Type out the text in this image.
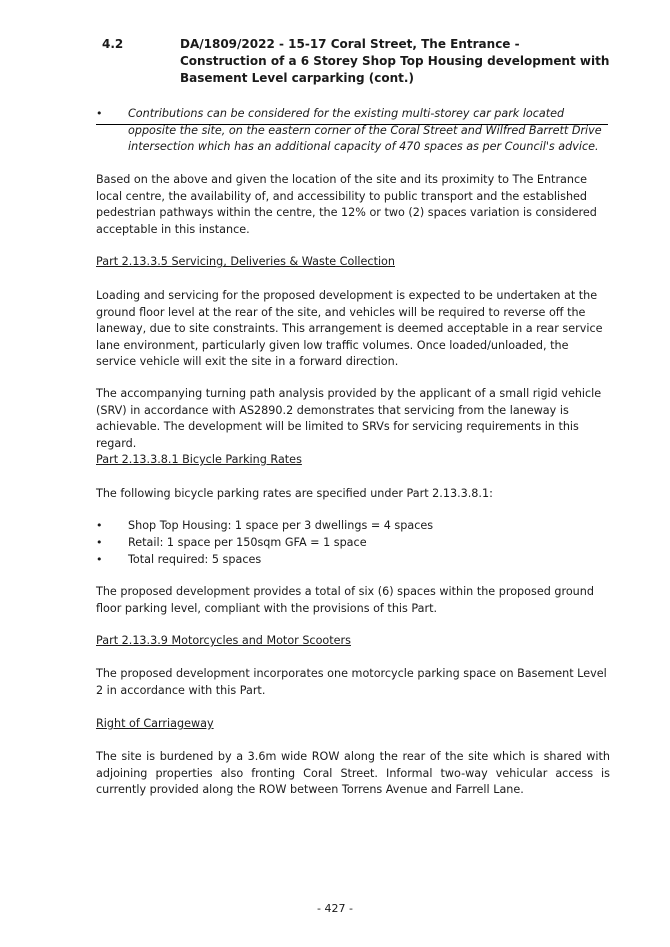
4.2	DA/1809/2022 - 15-17 Coral Street, The Entrance - Construction of a 6 Storey Shop Top Housing development with Basement Level carparking (cont.)
• Contributions can be considered for the existing multi-storey car park located opposite the site, on the eastern corner of the Coral Street and Wilfred Barrett Drive intersection which has an additional capacity of 470 spaces as per Council's advice.
Based on the above and given the location of the site and its proximity to The Entrance local centre, the availability of, and accessibility to public transport and the established pedestrian pathways within the centre, the 12% or two (2) spaces variation is considered acceptable in this instance.
Part 2.13.3.5 Servicing, Deliveries & Waste Collection
Loading and servicing for the proposed development is expected to be undertaken at the ground floor level at the rear of the site, and vehicles will be required to reverse off the laneway, due to site constraints. This arrangement is deemed acceptable in a rear service lane environment, particularly given low traffic volumes. Once loaded/unloaded, the service vehicle will exit the site in a forward direction.
The accompanying turning path analysis provided by the applicant of a small rigid vehicle (SRV) in accordance with AS2890.2 demonstrates that servicing from the laneway is achievable. The development will be limited to SRVs for servicing requirements in this regard.
Part 2.13.3.8.1 Bicycle Parking Rates
The following bicycle parking rates are specified under Part 2.13.3.8.1:
• Shop Top Housing: 1 space per 3 dwellings = 4 spaces
• Retail: 1 space per 150sqm GFA = 1 space
• Total required: 5 spaces
The proposed development provides a total of six (6) spaces within the proposed ground floor parking level, compliant with the provisions of this Part.
Part 2.13.3.9 Motorcycles and Motor Scooters
The proposed development incorporates one motorcycle parking space on Basement Level 2 in accordance with this Part.
Right of Carriageway
The site is burdened by a 3.6m wide ROW along the rear of the site which is shared with adjoining properties also fronting Coral Street. Informal two-way vehicular access is currently provided along the ROW between Torrens Avenue and Farrell Lane.
- 427 -
